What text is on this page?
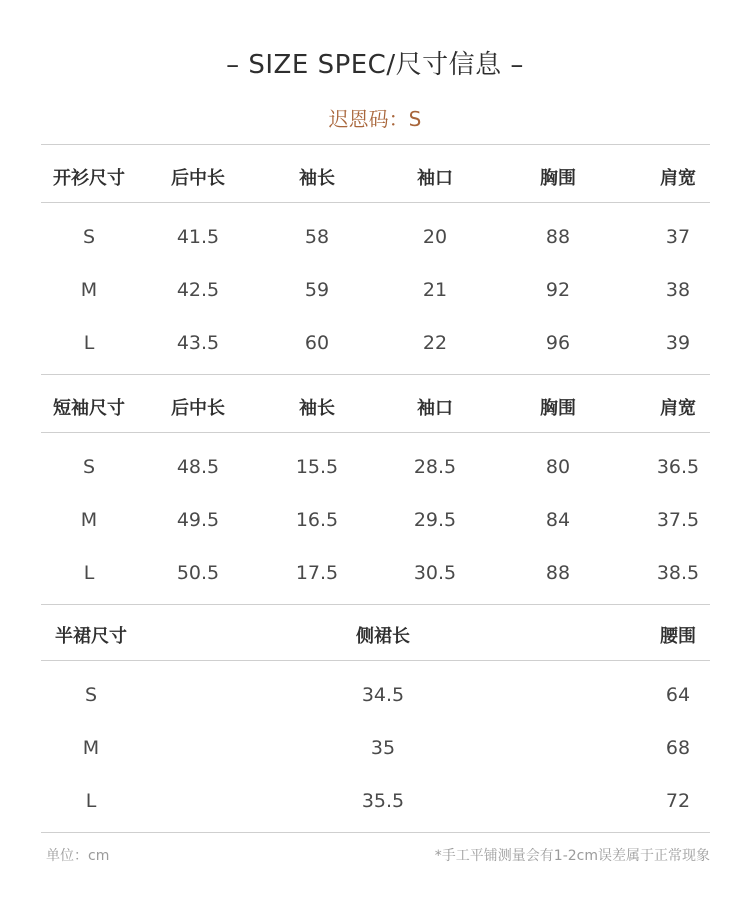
– SIZE SPEC/尺寸信息 –
迟恩码：S
开衫尺寸	后中长	袖长	袖口	胸围	肩宽
S	41.5	58	20	88	37
M	42.5	59	21	92	38
L	43.5	60	22	96	39
短袖尺寸	后中长	袖长	袖口	胸围	肩宽
S	48.5	15.5	28.5	80	36.5
M	49.5	16.5	29.5	84	37.5
L	50.5	17.5	30.5	88	38.5
半裙尺寸	侧裙长	腰围
S	34.5	64
M	35	68
L	35.5	72
单位：cm	*手工平铺测量会有1-2cm误差属于正常现象
